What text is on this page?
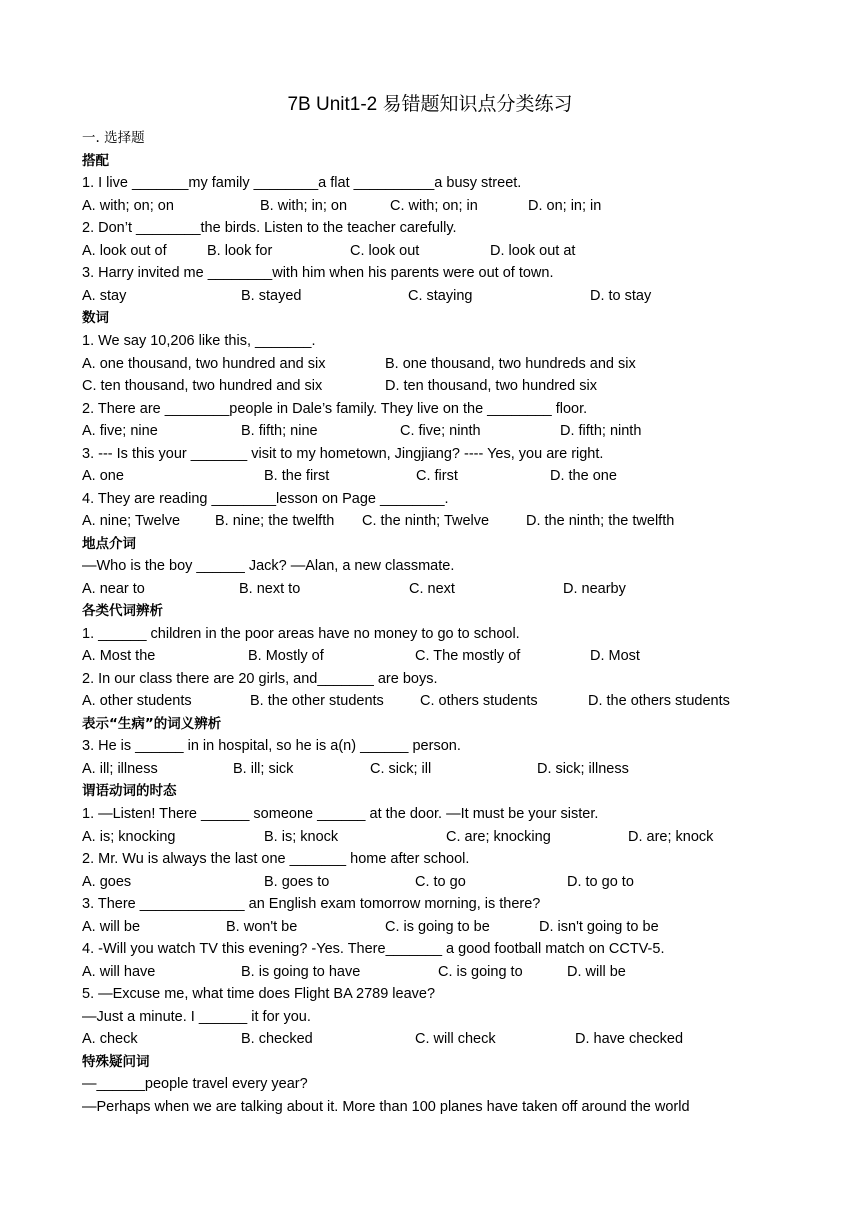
7B Unit1-2 易错题知识点分类练习
一. 选择题
搭配
1. I live _______my family ________a flat __________a busy street.
A. with; on; on	B. with; in; on	C. with; on; in	D. on; in; in
2. Don’t ________the birds. Listen to the teacher carefully.
A. look out of	B. look for	C. look out	D. look out at
3. Harry invited me ________with him when his parents were out of town.
A. stay	B. stayed	C. staying	D. to stay
数词
1. We say 10,206 like this, _______.
A. one thousand, two hundred and six	B. one thousand, two hundreds and six
C. ten thousand, two hundred and six	D. ten thousand, two hundred six
2. There are ________people in Dale’s family. They live on the ________ floor.
A. five; nine	B. fifth; nine	C. five; ninth	D. fifth; ninth
3. --- Is this your _______ visit to my hometown, Jingjiang? ---- Yes, you are right.
A. one	B. the first	C. first	D. the one
4. They are reading ________lesson on Page ________.
A. nine; Twelve B. nine; the twelfth C. the ninth; Twelve	D. the ninth; the twelfth
地点介词
—Who is the boy ______ Jack? —Alan, a new classmate.
A. near to	B. next to	C. next	D. nearby
各类代词辨析
1. ______ children in the poor areas have no money to go to school.
A. Most the	B. Mostly of	C. The mostly of	D. Most
2. In our class there are 20 girls, and_______ are boys.
A. other students	B. the other students C. others students	D. the others students
表示“生病”的词义辨析
3. He is ______ in in hospital, so he is a(n) ______ person.
A. ill; illness	B. ill; sick	C. sick; ill	D. sick; illness
谓语动词的时态
1. —Listen! There ______ someone ______ at the door. —It must be your sister.
A. is; knocking	B. is; knock	C. are; knocking	D. are; knock
2. Mr. Wu is always the last one _______ home after school.
A. goes	B. goes to	C. to go	D. to go to
3. There _____________ an English exam tomorrow morning, is there?
A. will be	B. won't be	C. is going to be	D. isn't going to be
4. -Will you watch TV this evening? -Yes. There_______ a good football match on CCTV-5.
A. will have	B. is going to have	C. is going to	D. will be
5. —Excuse me, what time does Flight BA 2789 leave?
—Just a minute. I ______ it for you.
A. check	B. checked	C. will check	D. have checked
特殊疑问词
—______people travel every year?
—Perhaps when we are talking about it. More than 100 planes have taken off around the world
